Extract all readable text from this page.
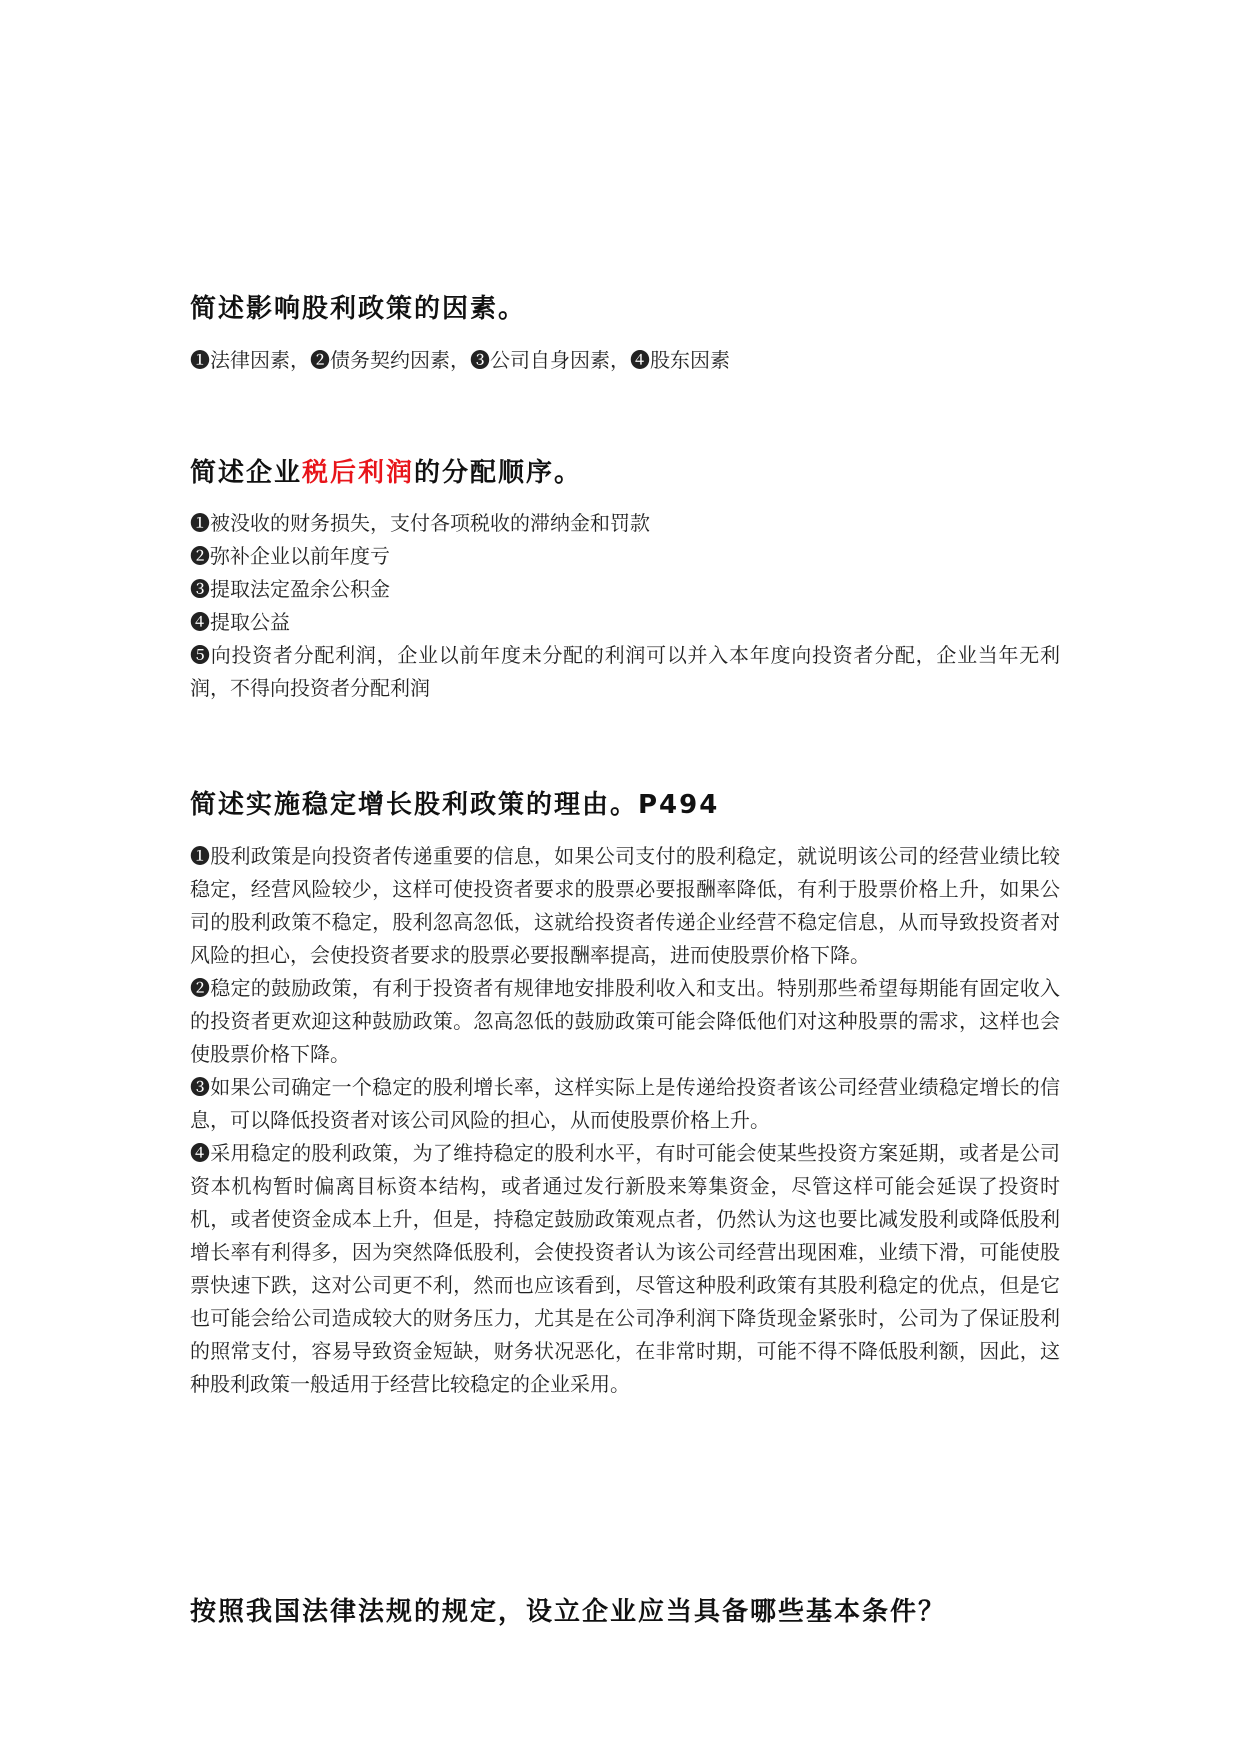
简述影响股利政策的因素。

❶法律因素，❷债务契约因素，❸公司自身因素，❹股东因素

简述企业税后利润的分配顺序。

❶被没收的财务损失，支付各项税收的滞纳金和罚款

❷弥补企业以前年度亏

❸提取法定盈余公积金

❹提取公益

❺向投资者分配利润，企业以前年度未分配的利润可以并入本年度向投资者分配，企业当年无利润，不得向投资者分配利润

简述实施稳定增长股利政策的理由。P494

❶股利政策是向投资者传递重要的信息，如果公司支付的股利稳定，就说明该公司的经营业绩比较稳定，经营风险较少，这样可使投资者要求的股票必要报酬率降低，有利于股票价格上升，如果公司的股利政策不稳定，股利忽高忽低，这就给投资者传递企业经营不稳定信息，从而导致投资者对风险的担心，会使投资者要求的股票必要报酬率提高，进而使股票价格下降。

❷稳定的鼓励政策，有利于投资者有规律地安排股利收入和支出。特别那些希望每期能有固定收入的投资者更欢迎这种鼓励政策。忽高忽低的鼓励政策可能会降低他们对这种股票的需求，这样也会使股票价格下降。

❸如果公司确定一个稳定的股利增长率，这样实际上是传递给投资者该公司经营业绩稳定增长的信息，可以降低投资者对该公司风险的担心，从而使股票价格上升。

❹采用稳定的股利政策，为了维持稳定的股利水平，有时可能会使某些投资方案延期，或者是公司资本机构暂时偏离目标资本结构，或者通过发行新股来筹集资金，尽管这样可能会延误了投资时机，或者使资金成本上升，但是，持稳定鼓励政策观点者，仍然认为这也要比减发股利或降低股利增长率有利得多，因为突然降低股利，会使投资者认为该公司经营出现困难，业绩下滑，可能使股票快速下跌，这对公司更不利，然而也应该看到，尽管这种股利政策有其股利稳定的优点，但是它也可能会给公司造成较大的财务压力，尤其是在公司净利润下降货现金紧张时，公司为了保证股利的照常支付，容易导致资金短缺，财务状况恶化，在非常时期，可能不得不降低股利额，因此，这种股利政策一般适用于经营比较稳定的企业采用。

按照我国法律法规的规定，设立企业应当具备哪些基本条件？
